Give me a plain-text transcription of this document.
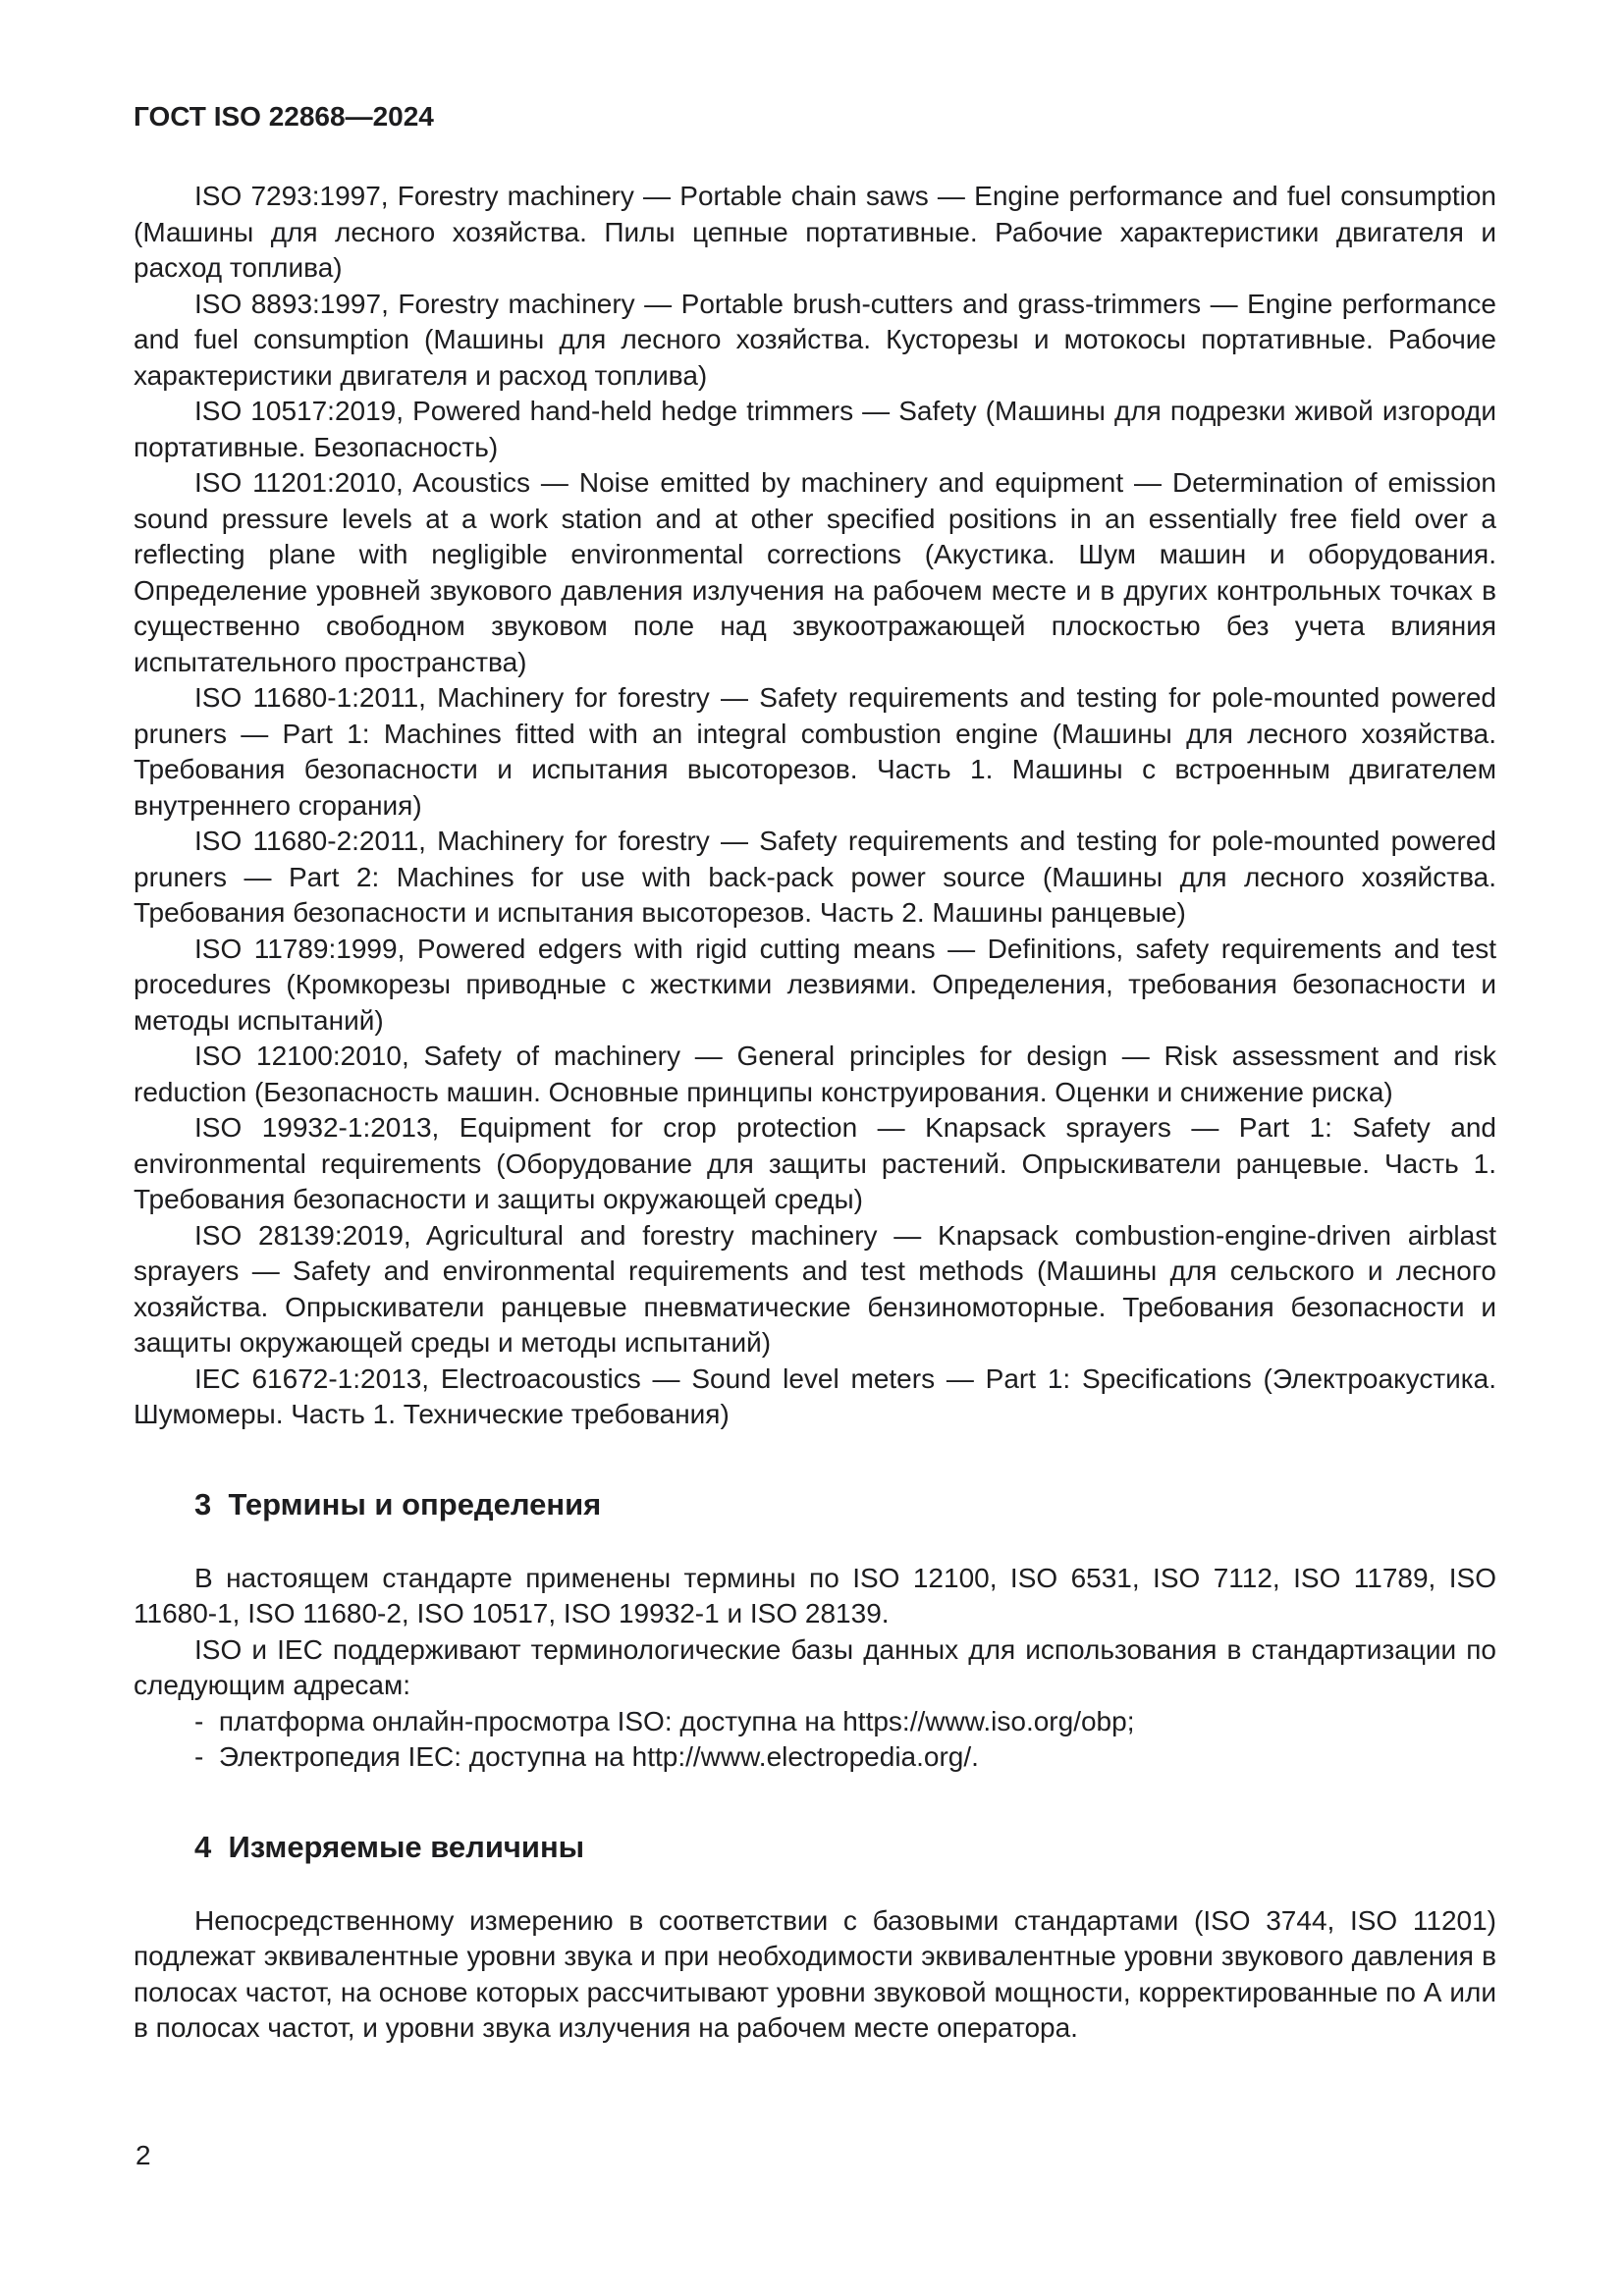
ГОСТ ISO 22868—2024

ISO 7293:1997, Forestry machinery — Portable chain saws — Engine performance and fuel consumption (Машины для лесного хозяйства. Пилы цепные портативные. Рабочие характеристики двигателя и расход топлива)

ISO 8893:1997, Forestry machinery — Portable brush-cutters and grass-trimmers — Engine performance and fuel consumption (Машины для лесного хозяйства. Кусторезы и мотокосы портативные. Рабочие характеристики двигателя и расход топлива)

ISO 10517:2019, Powered hand-held hedge trimmers — Safety (Машины для подрезки живой изгороди портативные. Безопасность)

ISO 11201:2010, Acoustics — Noise emitted by machinery and equipment — Determination of emission sound pressure levels at a work station and at other specified positions in an essentially free field over a reflecting plane with negligible environmental corrections (Акустика. Шум машин и оборудования. Определение уровней звукового давления излучения на рабочем месте и в других контрольных точках в существенно свободном звуковом поле над звукоотражающей плоскостью без учета влияния испытательного пространства)

ISO 11680-1:2011, Machinery for forestry — Safety requirements and testing for pole-mounted powered pruners — Part 1: Machines fitted with an integral combustion engine (Машины для лесного хозяйства. Требования безопасности и испытания высоторезов. Часть 1. Машины с встроенным двигателем внутреннего сгорания)

ISO 11680-2:2011, Machinery for forestry — Safety requirements and testing for pole-mounted powered pruners — Part 2: Machines for use with back-pack power source (Машины для лесного хозяйства. Требования безопасности и испытания высоторезов. Часть 2. Машины ранцевые)

ISO 11789:1999, Powered edgers with rigid cutting means — Definitions, safety requirements and test procedures (Кромкорезы приводные с жесткими лезвиями. Определения, требования безопасности и методы испытаний)

ISO 12100:2010, Safety of machinery — General principles for design — Risk assessment and risk reduction (Безопасность машин. Основные принципы конструирования. Оценки и снижение риска)

ISO 19932-1:2013, Equipment for crop protection — Knapsack sprayers — Part 1: Safety and environmental requirements (Оборудование для защиты растений. Опрыскиватели ранцевые. Часть 1. Требования безопасности и защиты окружающей среды)

ISO 28139:2019, Agricultural and forestry machinery — Knapsack combustion-engine-driven airblast sprayers — Safety and environmental requirements and test methods (Машины для сельского и лесного хозяйства. Опрыскиватели ранцевые пневматические бензиномоторные. Требования безопасности и защиты окружающей среды и методы испытаний)

IEC 61672-1:2013, Electroacoustics — Sound level meters — Part 1: Specifications (Электроакустика. Шумомеры. Часть 1. Технические требования)

3  Термины и определения

В настоящем стандарте применены термины по ISO 12100, ISO 6531, ISO 7112, ISO 11789, ISO 11680-1, ISO 11680-2, ISO 10517, ISO 19932-1 и ISO 28139.

ISO и IEC поддерживают терминологические базы данных для использования в стандартизации по следующим адресам:

-  платформа онлайн-просмотра ISO: доступна на https://www.iso.org/obp;

-  Электропедия IEC: доступна на http://www.electropedia.org/.

4  Измеряемые величины

Непосредственному измерению в соответствии с базовыми стандартами (ISO 3744, ISO 11201) подлежат эквивалентные уровни звука и при необходимости эквивалентные уровни звукового давления в полосах частот, на основе которых рассчитывают уровни звуковой мощности, корректированные по А или в полосах частот, и уровни звука излучения на рабочем месте оператора.

2
